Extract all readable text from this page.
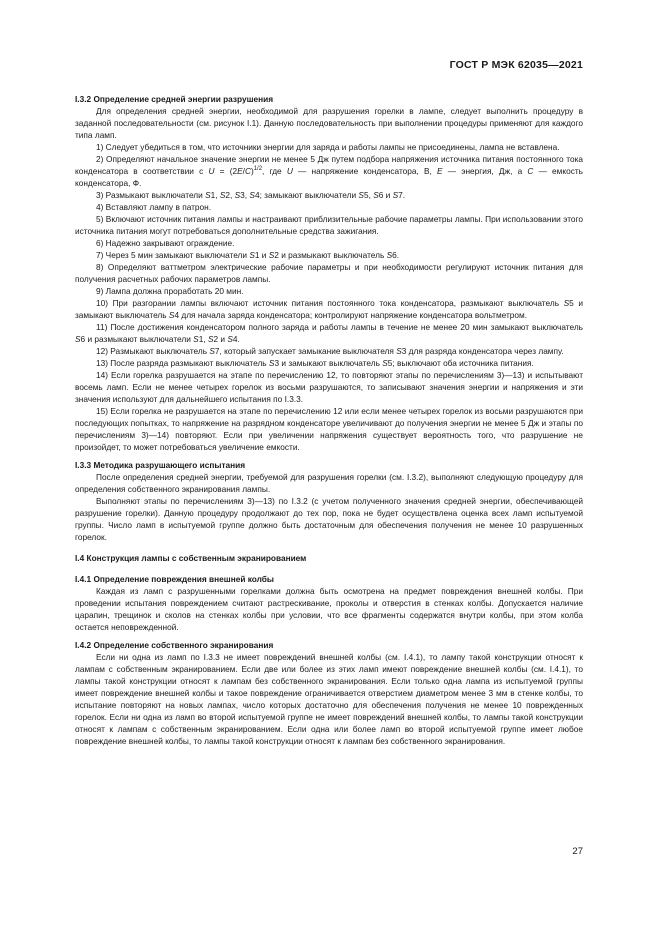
ГОСТ Р МЭК 62035—2021
I.3.2 Определение средней энергии разрушения

Для определения средней энергии, необходимой для разрушения горелки в лампе, следует выполнить процедуру в заданной последовательности (см. рисунок I.1). Данную последовательность при выполнении процедуры применяют для каждого типа ламп.

1) Следует убедиться в том, что источники энергии для заряда и работы лампы не присоединены, лампа не вставлена.

2) Определяют начальное значение энергии не менее 5 Дж путем подбора напряжения источника питания постоянного тока конденсатора в соответствии с $U = (2E/C)^{1/2}$, где U — напряжение конденсатора, В, E — энергия, Дж, а C — емкость конденсатора, Ф.

3) Размыкают выключатели S1, S2, S3, S4; замыкают выключатели S5, S6 и S7.

4) Вставляют лампу в патрон.

5) Включают источник питания лампы и настраивают приблизительные рабочие параметры лампы. При использовании этого источника питания могут потребоваться дополнительные средства зажигания.

6) Надежно закрывают ограждение.

7) Через 5 мин замыкают выключатели S1 и S2 и размыкают выключатель S6.

8) Определяют ваттметром электрические рабочие параметры и при необходимости регулируют источник питания для получения расчетных рабочих параметров лампы.

9) Лампа должна проработать 20 мин.

10) При разгорании лампы включают источник питания постоянного тока конденсатора, размыкают выключатель S5 и замыкают выключатель S4 для начала заряда конденсатора; контролируют напряжение конденсатора вольтметром.

11) После достижения конденсатором полного заряда и работы лампы в течение не менее 20 мин замыкают выключатель S6 и размыкают выключатели S1, S2 и S4.

12) Размыкают выключатель S7, который запускает замыкание выключателя S3 для разряда конденсатора через лампу.

13) После разряда размыкают выключатель S3 и замыкают выключатель S5; выключают оба источника питания.

14) Если горелка разрушается на этапе по перечислению 12, то повторяют этапы по перечислениям 3)—13) и испытывают восемь ламп. Если не менее четырех горелок из восьми разрушаются, то записывают значения энергии и напряжения и эти значения используют для дальнейшего испытания по I.3.3.

15) Если горелка не разрушается на этапе по перечислению 12 или если менее четырех горелок из восьми разрушаются при последующих попытках, то напряжение на разрядном конденсаторе увеличивают до получения энергии не менее 5 Дж и этапы по перечислениям 3)—14) повторяют. Если при увеличении напряжения существует вероятность того, что разрушение не произойдет, то может потребоваться увеличение емкости.

I.3.3 Методика разрушающего испытания

После определения средней энергии, требуемой для разрушения горелки (см. I.3.2), выполняют следующую процедуру для определения собственного экранирования лампы.

Выполняют этапы по перечислениям 3)—13) по I.3.2 (с учетом полученного значения средней энергии, обеспечивающей разрушение горелки). Данную процедуру продолжают до тех пор, пока не будет осуществлена оценка всех ламп испытуемой группы. Число ламп в испытуемой группе должно быть достаточным для обеспечения получения не менее 10 разрушенных горелок.

I.4 Конструкция лампы с собственным экранированием
I.4.1 Определение повреждения внешней колбы

Каждая из ламп с разрушенными горелками должна быть осмотрена на предмет повреждения внешней колбы. При проведении испытания повреждением считают растрескивание, проколы и отверстия в стенках колбы. Допускается наличие царапин, трещинок и сколов на стенках колбы при условии, что все фрагменты содержатся внутри колбы, при этом колба остается неповрежденной.

I.4.2 Определение собственного экранирования

Если ни одна из ламп по I.3.3 не имеет повреждений внешней колбы (см. I.4.1), то лампу такой конструкции относят к лампам с собственным экранированием. Если две или более из этих ламп имеют повреждение внешней колбы (см. I.4.1), то лампы такой конструкции относят к лампам без собственного экранирования. Если только одна лампа из испытуемой группы имеет повреждение внешней колбы и такое повреждение ограничивается отверстием диаметром менее 3 мм в стенке колбы, то испытание повторяют на новых лампах, число которых достаточно для обеспечения получения не менее 10 поврежденных горелок. Если ни одна из ламп во второй испытуемой группе не имеет повреждений внешней колбы, то лампы такой конструкции относят к лампам с собственным экранированием. Если одна или более ламп во второй испытуемой группе имеет любое повреждение внешней колбы, то лампы такой конструкции относят к лампам без собственного экранирования.

27
